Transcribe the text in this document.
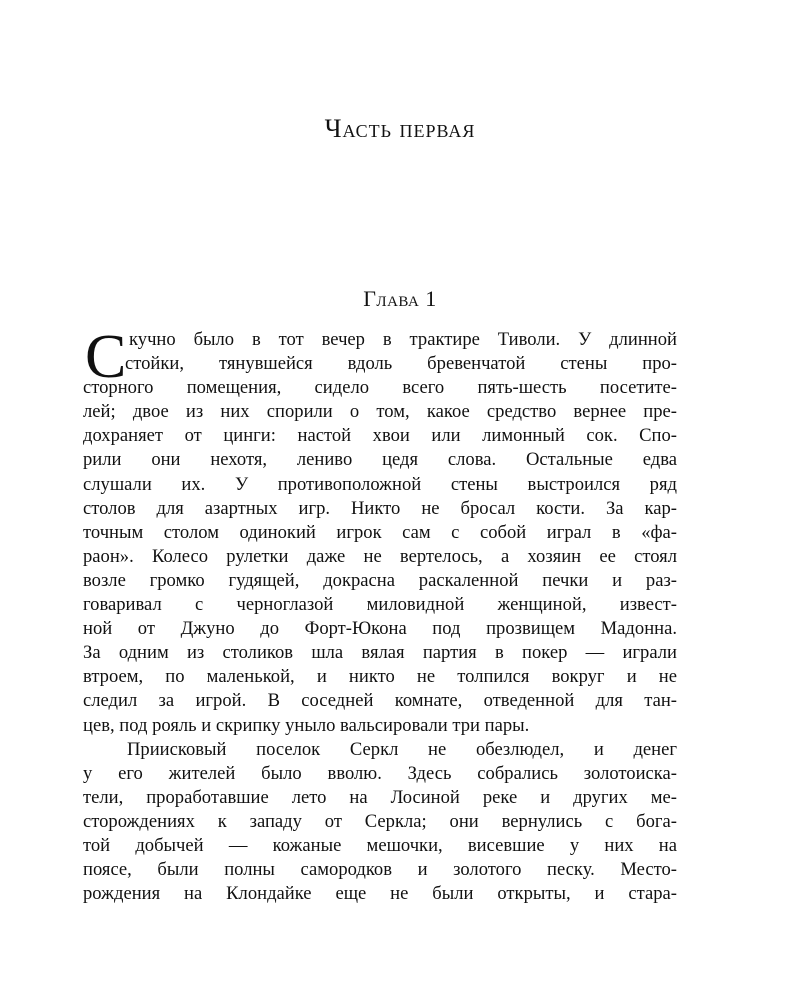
Часть первая
Глава 1
С кучно было в тот вечер в трактире Тиволи. У длинной
стойки, тянувшейся вдоль бревенчатой стены про-
сторного помещения, сидело всего пять-шесть посетите-
лей; двое из них спорили о том, какое средство вернее пре-
дохраняет от цинги: настой хвои или лимонный сок. Спо-
рили они нехотя, лениво цедя слова. Остальные едва
слушали их. У противоположной стены выстроился ряд
столов для азартных игр. Никто не бросал кости. За кар-
точным столом одинокий игрок сам с собой играл в «фа-
раон». Колесо рулетки даже не вертелось, а хозяин ее стоял
возле громко гудящей, докрасна раскаленной печки и раз-
говаривал с черноглазой миловидной женщиной, извест-
ной от Джуно до Форт-Юкона под прозвищем Мадонна.
За одним из столиков шла вялая партия в покер — играли
втроем, по маленькой, и никто не толпился вокруг и не
следил за игрой. В соседней комнате, отведенной для тан-
цев, под рояль и скрипку уныло вальсировали три пары.
Приисковый поселок Серкл не обезлюдел, и денег
у его жителей было вволю. Здесь собрались золотоиска-
тели, проработавшие лето на Лосиной реке и других ме-
сторождениях к западу от Серкла; они вернулись с бога-
той добычей — кожаные мешочки, висевшие у них на
поясе, были полны самородков и золотого песку. Место-
рождения на Клондайке еще не были открыты, и стара-
